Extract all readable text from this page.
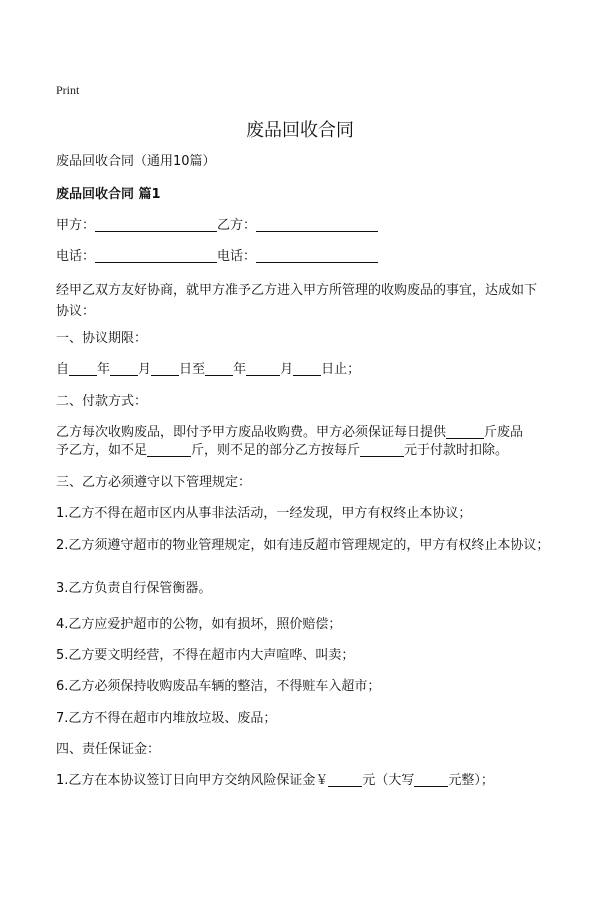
Print
废品回收合同
废品回收合同（通用10篇）
废品回收合同 篇1
甲方：	乙方：
电话：	电话：
经甲乙双方友好协商，就甲方准予乙方进入甲方所管理的收购废品的事宜，达成如下协议：
一、协议期限：
自 年 月 日至 年	月 日止；
二、付款方式：
乙方每次收购废品，即付予甲方废品收购费。甲方必须保证每日提供	斤废品
予乙方，如不足	斤，则不足的部分乙方按每斤	元于付款时扣除。
三、乙方必须遵守以下管理规定：
1.乙方不得在超市区内从事非法活动，一经发现，甲方有权终止本协议；
2.乙方须遵守超市的物业管理规定，如有违反超市管理规定的，甲方有权终止本协议；
3.乙方负责自行保管衡器。
4.乙方应爱护超市的公物，如有损坏，照价赔偿；
5.乙方要文明经营，不得在超市内大声喧哗、叫卖；
6.乙方必须保持收购废品车辆的整洁，不得赃车入超市；
7.乙方不得在超市内堆放垃圾、废品；
四、责任保证金：
1.乙方在本协议签订日向甲方交纳风险保证金￥	元（大写	元整）；
